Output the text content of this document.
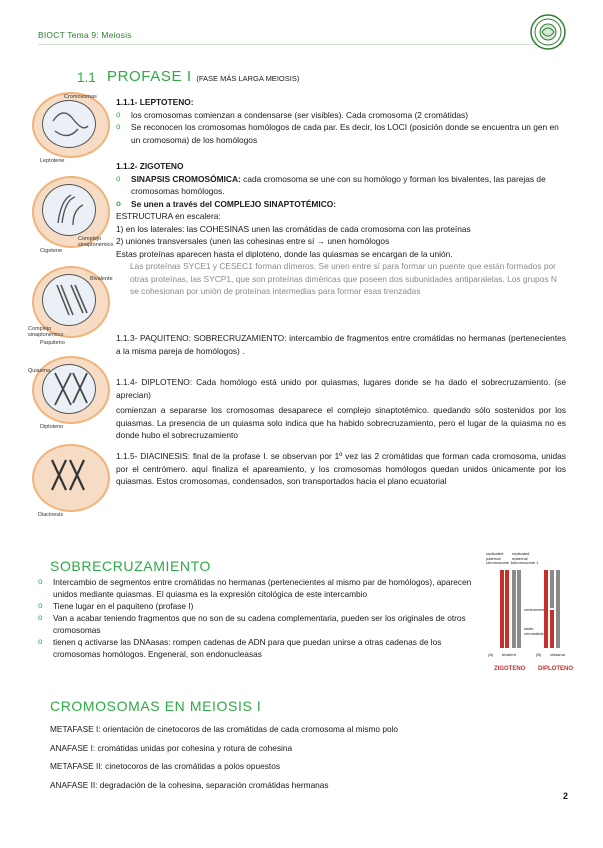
BIOCT Tema 9: Meiosis
1.1 PROFASE I (FASE MÁS LARGA MEIOSIS)
Cromosomas
Leptotene
Complejo sinaptonémico
Cigotene
Bivalente
Complejo sinaptonémico
Paquiteno
Quiasma
Diploteno
Diacinesis
1.1.1- LEPTOTENO:
o los cromosomas comienzan a condensarse (ser visibles). Cada cromosoma (2 cromátidas)
o Se reconocen los cromosomas homólogos de cada par. Es decir, los LOCI (posición donde se encuentra un gen en un cromosoma) de los homólogos
1.1.2- ZIGOTENO
o SINAPSIS CROMOSÓMICA: cada cromosoma se une con su homólogo y forman los bivalentes, las parejas de cromosomas homólogos.
o Se unen a través del COMPLEJO SINAPTOTÉMICO:
ESTRUCTURA en escalera:
1) en los laterales: las COHESINAS unen las cromátidas de cada cromosoma con las proteínas
2) uniones transversales (unen las cohesinas entre sí → unen homólogos
Estas proteínas aparecen hasta el diploteno, donde las quiasmas se encargan de la unión.
Las proteínas SYCE1 y CESEC1 forman dímeros. Se unen entre sí para formar un puente que están formados por otras proteínas, las SYCP1, que son proteínas diméricas que poseen dos subunidades antiparalelas. Los grupos N se cohesionan por unión de proteínas intermedias para formar esas trenzadas
1.1.3- PAQUITENO: SOBRECRUZAMIENTO: intercambio de fragmentos entre cromátidas no hermanas (pertenecientes a la misma pareja de homólogos) .
1.1.4- DIPLOTENO: Cada homólogo está unido por quiasmas, lugares donde se ha dado el sobrecruzamiento. (se aprecian)
comienzan a separarse los cromosomas desaparece el complejo sinaptotémico. quedando sólo sostenidos por los quiasmas. La presencia de un quiasma solo indica que ha habido sobrecruzamiento, pero el lugar de la quiasma no es donde hubo el sobrecruzamiento
1.1.5- DIACINESIS: final de la profase I. se observan por 1º vez las 2 cromátidas que forman cada cromosoma, unidas por el centrómero. aquí finaliza el apareamiento, y los cromosomas homólogos quedan unidos únicamente por los quiasmas. Estos cromosomas, condensados, son transportados hacia el plano ecuatorial
SOBRECRUZAMIENTO
o Intercambio de segmentos entre cromátidas no hermanas (pertenecientes al mismo par de homólogos), aparecen unidos mediante quiasmas. El quiasma es la expresión citológica de este intercambio
o Tiene lugar en el paquiteno (profase I)
o Van a acabar teniendo fragmentos que no son de su cadena complementaria, pueden ser los originales de otros cromosomas
o tienen q activarse las DNAasas: rompen cadenas de ADN para que puedan unirse a otras cadenas de los cromosomas homólogos. Engeneral, son endonucleasas
replicated paternal chromosome 1
replicated maternal chromosome 1
centromere
sister chromatids
(A) bivalent	(B) chiasma
ZIGOTENO DIPLOTENO
CROMOSOMAS EN MEIOSIS I
METAFASE I: orientación de cinetocoros de las cromátidas de cada cromosoma al mismo polo
ANAFASE I: cromátidas unidas por cohesina y rotura de cohesina
METAFASE II: cinetocoros de las cromátidas a polos opuestos
ANAFASE II: degradación de la cohesina, separación cromátidas hermanas
2
